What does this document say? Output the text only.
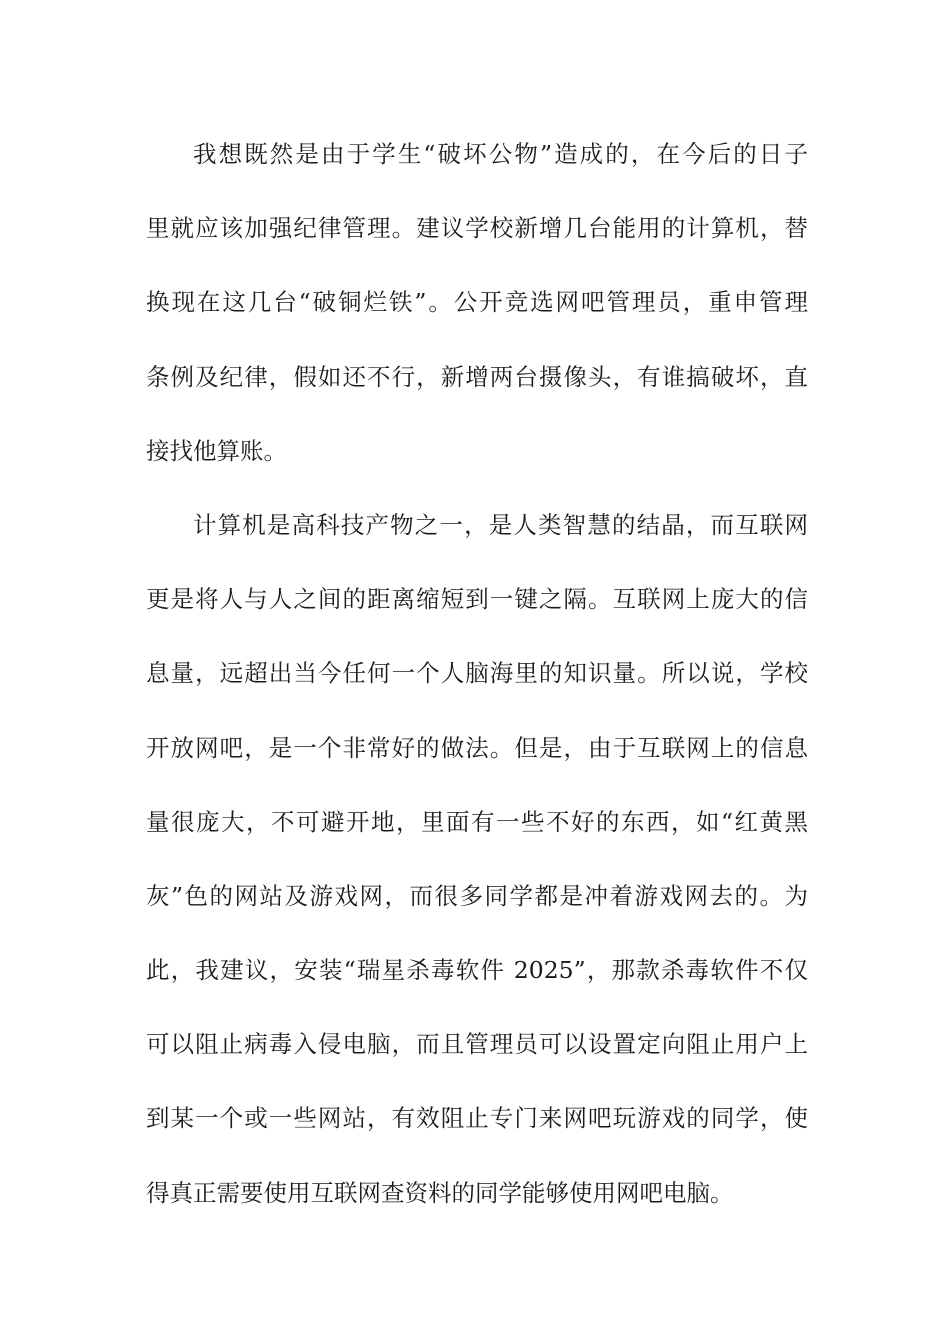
我想既然是由于学生“破坏公物”造成的，在今后的日子
里就应该加强纪律管理。建议学校新增几台能用的计算机，替
换现在这几台“破铜烂铁”。公开竞选网吧管理员，重申管理
条例及纪律，假如还不行，新增两台摄像头，有谁搞破坏，直
接找他算账。
计算机是高科技产物之一，是人类智慧的结晶，而互联网
更是将人与人之间的距离缩短到一键之隔。互联网上庞大的信
息量，远超出当今任何一个人脑海里的知识量。所以说，学校
开放网吧，是一个非常好的做法。但是，由于互联网上的信息
量很庞大，不可避开地，里面有一些不好的东西，如“红黄黑
灰”色的网站及游戏网，而很多同学都是冲着游戏网去的。为
此，我建议，安装“瑞星杀毒软件 2025”，那款杀毒软件不仅
可以阻止病毒入侵电脑，而且管理员可以设置定向阻止用户上
到某一个或一些网站，有效阻止专门来网吧玩游戏的同学，使
得真正需要使用互联网查资料的同学能够使用网吧电脑。
